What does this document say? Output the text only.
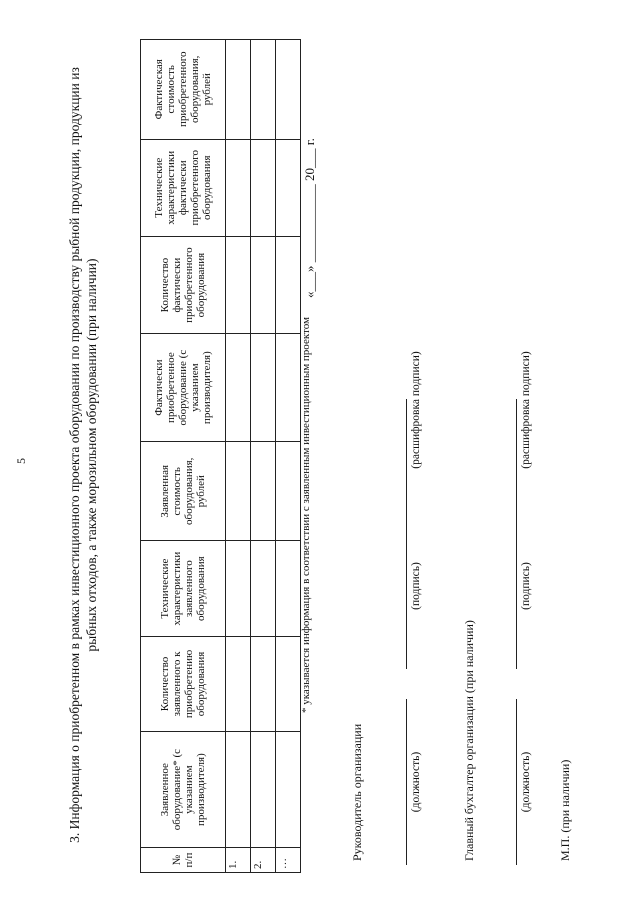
5	3. Информация о приобретенном в рамках инвестиционного проекта оборудовании по производству рыбной продукции, продукции из рыбных отходов, а также морозильном оборудовании (при наличии)
№ п/п	Заявленное оборудование* (с указанием производителя)	Количество заявленного к приобретению оборудования	Технические характеристики заявленного оборудования	Заявленная стоимость оборудования, рублей	Фактически приобретенное оборудование (с указанием производителя)	Количество фактически приобретенного оборудования	Технические характеристики фактически приобретенного оборудования	Фактическая стоимость приобретенного оборудования, рублей
1.								
2.								
…								
* указывается информация в соответствии с заявленным инвестиционным проектом
«___» ____________ 20___ г.
Руководитель организации	(должность)
(подпись)
(расшифровка подписи)
Главный бухгалтер организации (при наличии)	(должность)
(подпись)
(расшифровка подписи)
М.П. (при наличии)
